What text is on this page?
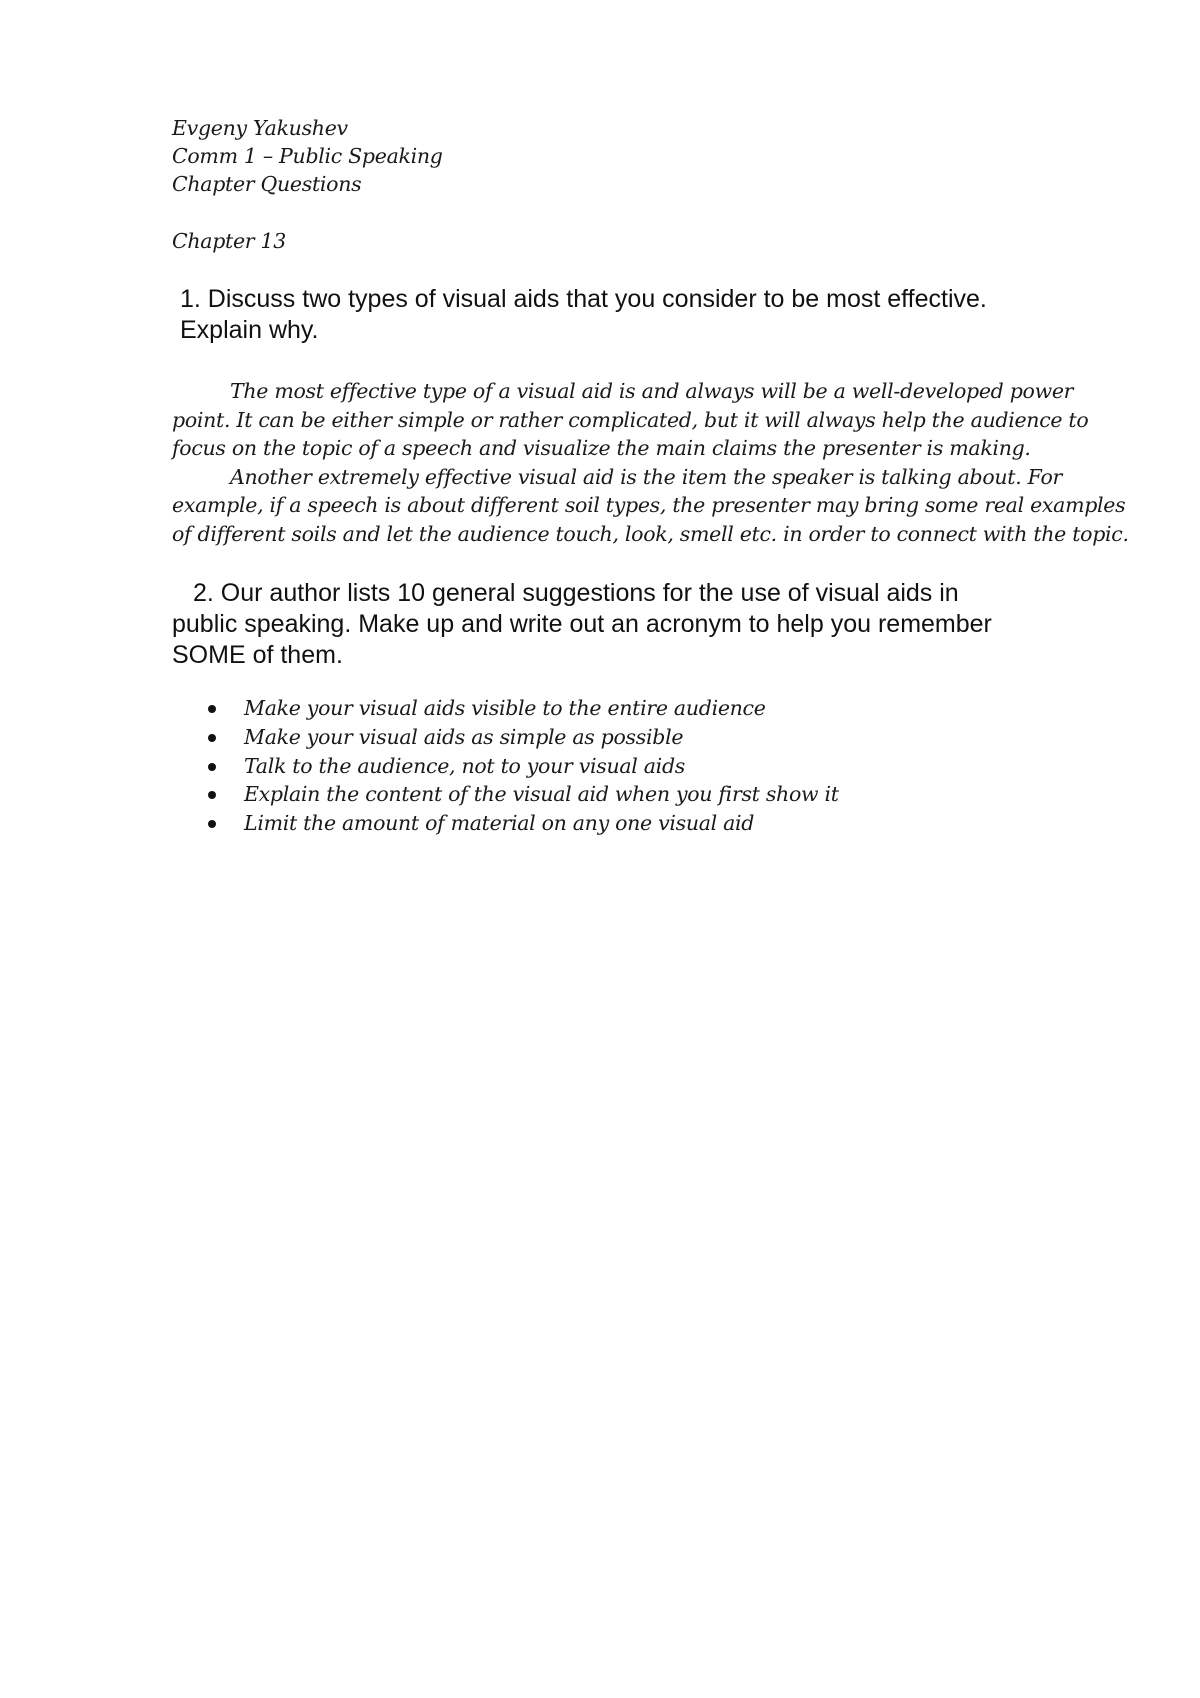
Evgeny Yakushev
Comm 1 – Public Speaking
Chapter Questions
Chapter 13
1. Discuss two types of visual aids that you consider to be most effective.
Explain why.
The most effective type of a visual aid is and always will be a well-developed power
point. It can be either simple or rather complicated, but it will always help the audience to
focus on the topic of a speech and visualize the main claims the presenter is making.
Another extremely effective visual aid is the item the speaker is talking about. For
example, if a speech is about different soil types, the presenter may bring some real examples
of different soils and let the audience touch, look, smell etc. in order to connect with the topic.
2. Our author lists 10 general suggestions for the use of visual aids in
public speaking. Make up and write out an acronym to help you remember
SOME of them.
Make your visual aids visible to the entire audience
Make your visual aids as simple as possible
Talk to the audience, not to your visual aids
Explain the content of the visual aid when you first show it
Limit the amount of material on any one visual aid
